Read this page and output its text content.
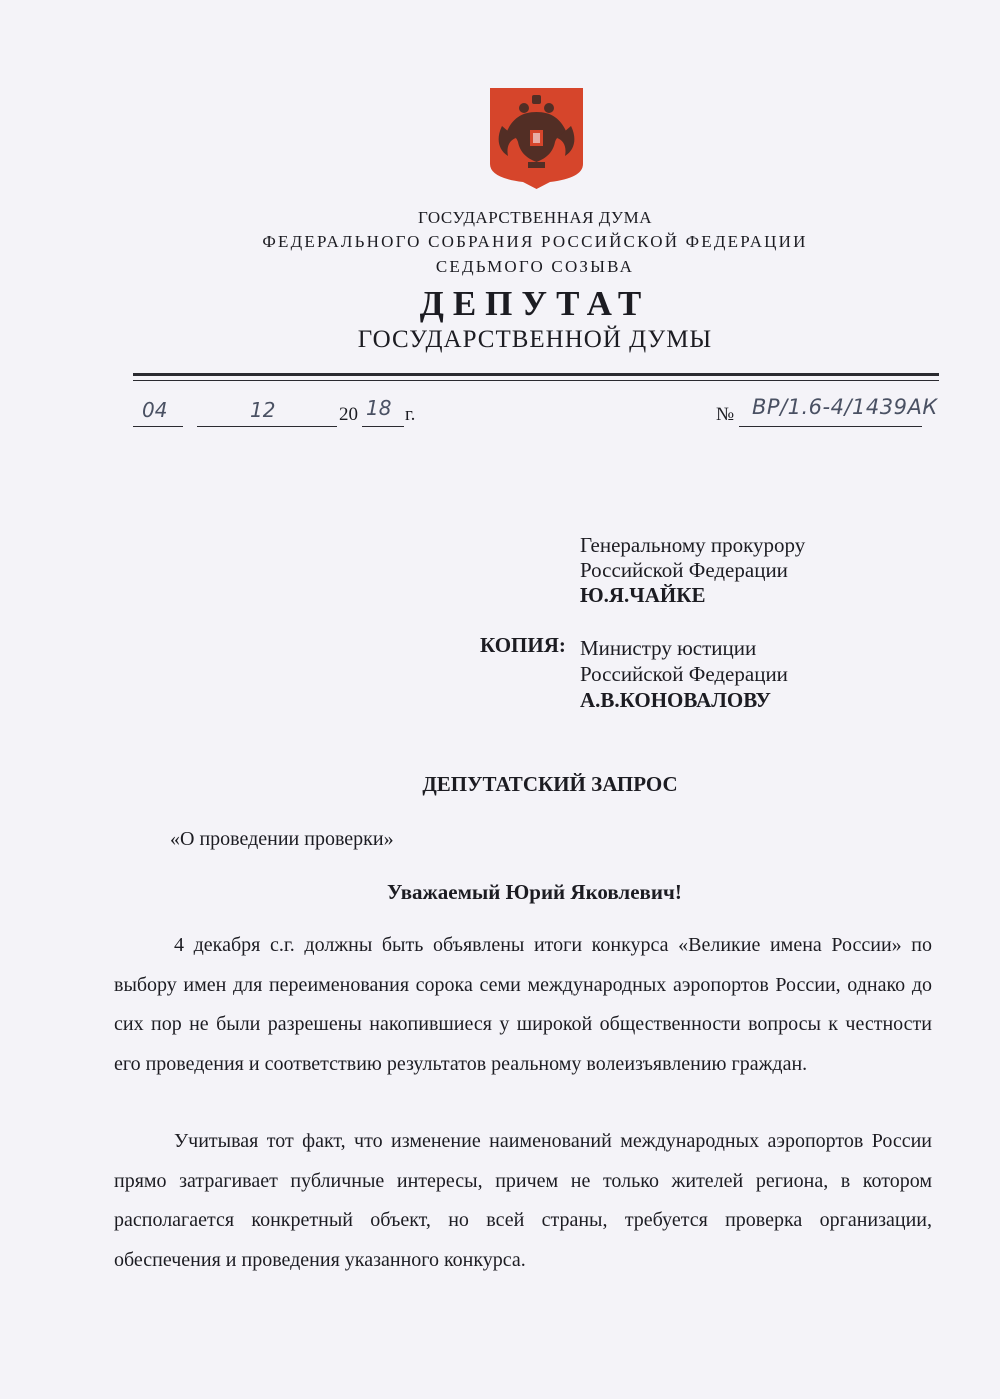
ГОСУДАРСТВЕННАЯ ДУМА
ФЕДЕРАЛЬНОГО СОБРАНИЯ РОССИЙСКОЙ ФЕДЕРАЦИИ
СЕДЬМОГО СОЗЫВА
ДЕПУТАТ
ГОСУДАРСТВЕННОЙ ДУМЫ
04	12	20 18 г.	№ ВР/1.6-4/1439АК
Генеральному прокурору
Российской Федерации
Ю.Я.ЧАЙКЕ
КОПИЯ: Министру юстиции
Российской Федерации
А.В.КОНОВАЛОВУ
ДЕПУТАТСКИЙ ЗАПРОС
«О проведении проверки»
Уважаемый Юрий Яковлевич!

4 декабря с.г. должны быть объявлены итоги конкурса «Великие имена России» по выбору имен для переименования сорока семи международных аэропортов России, однако до сих пор не были разрешены накопившиеся у широкой общественности вопросы к честности его проведения и соответствию результатов реальному волеизъявлению граждан.

Учитывая тот факт, что изменение наименований международных аэропортов России прямо затрагивает публичные интересы, причем не только жителей региона, в котором располагается конкретный объект, но всей страны, требуется проверка организации, обеспечения и проведения указанного конкурса.
